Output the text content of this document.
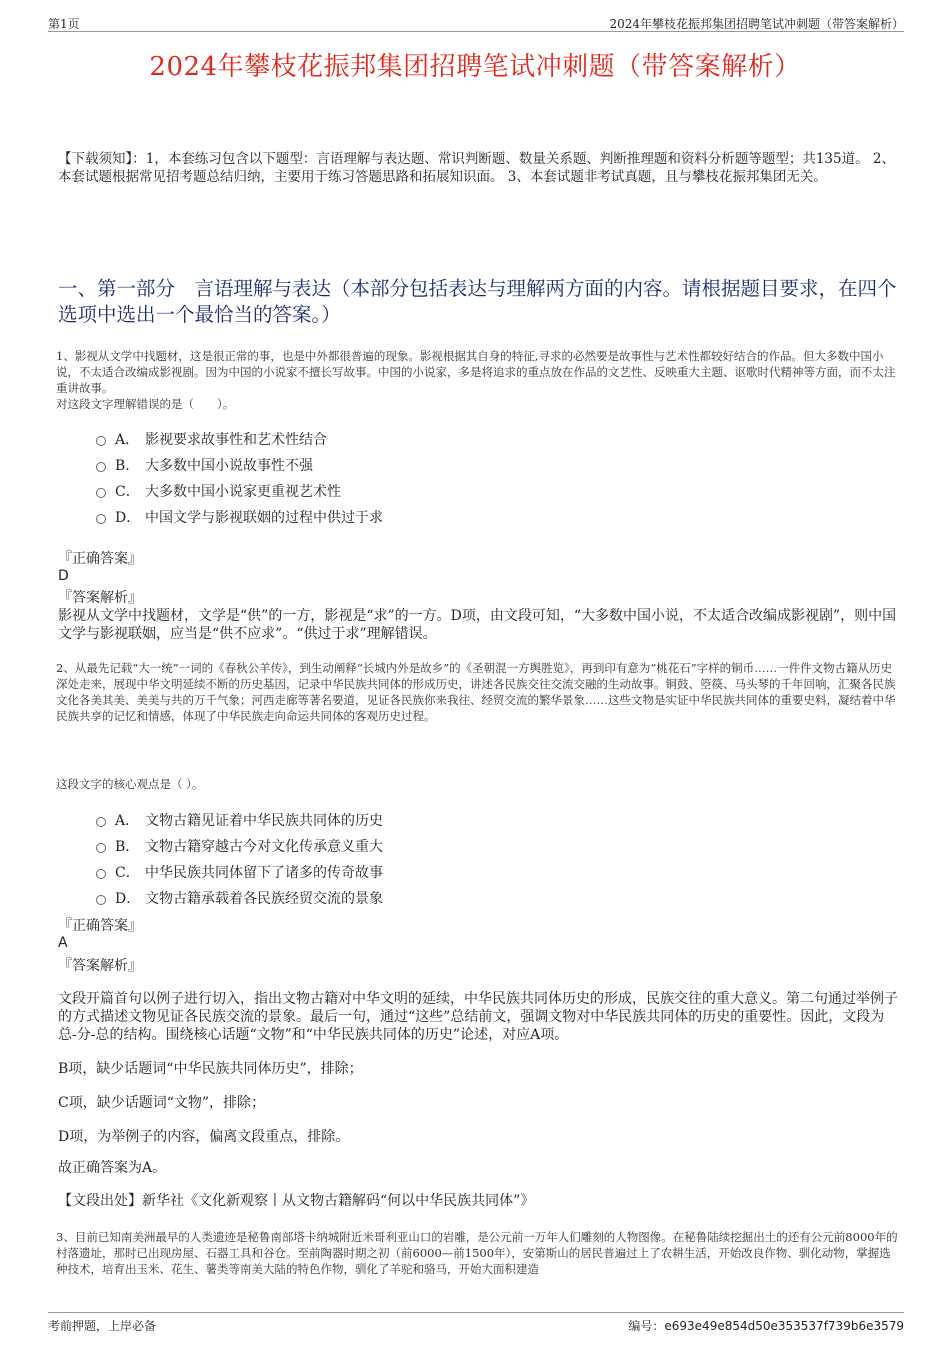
第1页	2024年攀枝花振邦集团招聘笔试冲刺题（带答案解析）
2024年攀枝花振邦集团招聘笔试冲刺题（带答案解析）
【下载须知】：1，本套练习包含以下题型：言语理解与表达题、常识判断题、数量关系题、判断推理题和资料分析题等题型；共135道。 2、本套试题根据常见招考题总结归纳，主要用于练习答题思路和拓展知识面。 3、本套试题非考试真题，且与攀枝花振邦集团无关。
一、第一部分　言语理解与表达（本部分包括表达与理解两方面的内容。请根据题目要求，在四个选项中选出一个最恰当的答案。）
1、影视从文学中找题材，这是很正常的事，也是中外都很普遍的现象。影视根据其自身的特征,寻求的必然要是故事性与艺术性都较好结合的作品。但大多数中国小说，不太适合改编成影视剧。因为中国的小说家不擅长写故事。中国的小说家，多是将追求的重点放在作品的文艺性、反映重大主题、讴歌时代精神等方面，而不太注重讲故事。
对这段文字理解错误的是（　　）。
A． 影视要求故事性和艺术性结合
B． 大多数中国小说故事性不强
C． 大多数中国小说家更重视艺术性
D． 中国文学与影视联姻的过程中供过于求
『正确答案』
D
『答案解析』
影视从文学中找题材，文学是“供”的一方，影视是“求”的一方。D项，由文段可知，“大多数中国小说，不太适合改编成影视剧”，则中国文学与影视联姻，应当是“供不应求”。“供过于求”理解错误。
2、从最先记载“大一统”一词的《春秋公羊传》，到生动阐释“长城内外是故乡”的《圣朝混一方舆胜览》，再到印有意为“桃花石”字样的铜币……一件件文物古籍从历史深处走来，展现中华文明延续不断的历史基因，记录中华民族共同体的形成历史，讲述各民族交往交流交融的生动故事。铜鼓、箜篌、马头琴的千年回响，汇聚各民族文化各美其美、美美与共的万千气象；河西走廊等著名要道，见证各民族你来我往、经贸交流的繁华景象……这些文物是实证中华民族共同体的重要史料，凝结着中华民族共享的记忆和情感，体现了中华民族走向命运共同体的客观历史过程。
这段文字的核心观点是（ ）。
A． 文物古籍见证着中华民族共同体的历史
B． 文物古籍穿越古今对文化传承意义重大
C． 中华民族共同体留下了诸多的传奇故事
D． 文物古籍承载着各民族经贸交流的景象
『正确答案』
A
『答案解析』
文段开篇首句以例子进行切入，指出文物古籍对中华文明的延续，中华民族共同体历史的形成，民族交往的重大意义。第二句通过举例子的方式描述文物见证各民族交流的景象。最后一句，通过“这些”总结前文，强调文物对中华民族共同体的历史的重要性。因此，文段为总-分-总的结构。围绕核心话题“文物”和“中华民族共同体的历史”论述，对应A项。
B项，缺少话题词“中华民族共同体历史”，排除；
C项，缺少话题词“文物”，排除；
D项，为举例子的内容，偏离文段重点，排除。
故正确答案为A。
【文段出处】新华社《文化新观察丨从文物古籍解码“何以中华民族共同体”》
3、目前已知南美洲最早的人类遗迹是秘鲁南部塔卡纳城附近米哥利亚山口的岩雕，是公元前一万年人们雕刻的人物图像。在秘鲁陆续挖掘出土的还有公元前8000年的村落遗址，那时已出现房屋、石器工具和谷仓。至前陶器时期之初（前6000—前1500年），安第斯山的居民普遍过上了农耕生活，开始改良作物、驯化动物，掌握选种技术，培育出玉米、花生、薯类等南美大陆的特色作物，驯化了羊驼和骆马，开始大面积建造
考前押题，上岸必备	编号：e693e49e854d50e353537f739b6e3579
